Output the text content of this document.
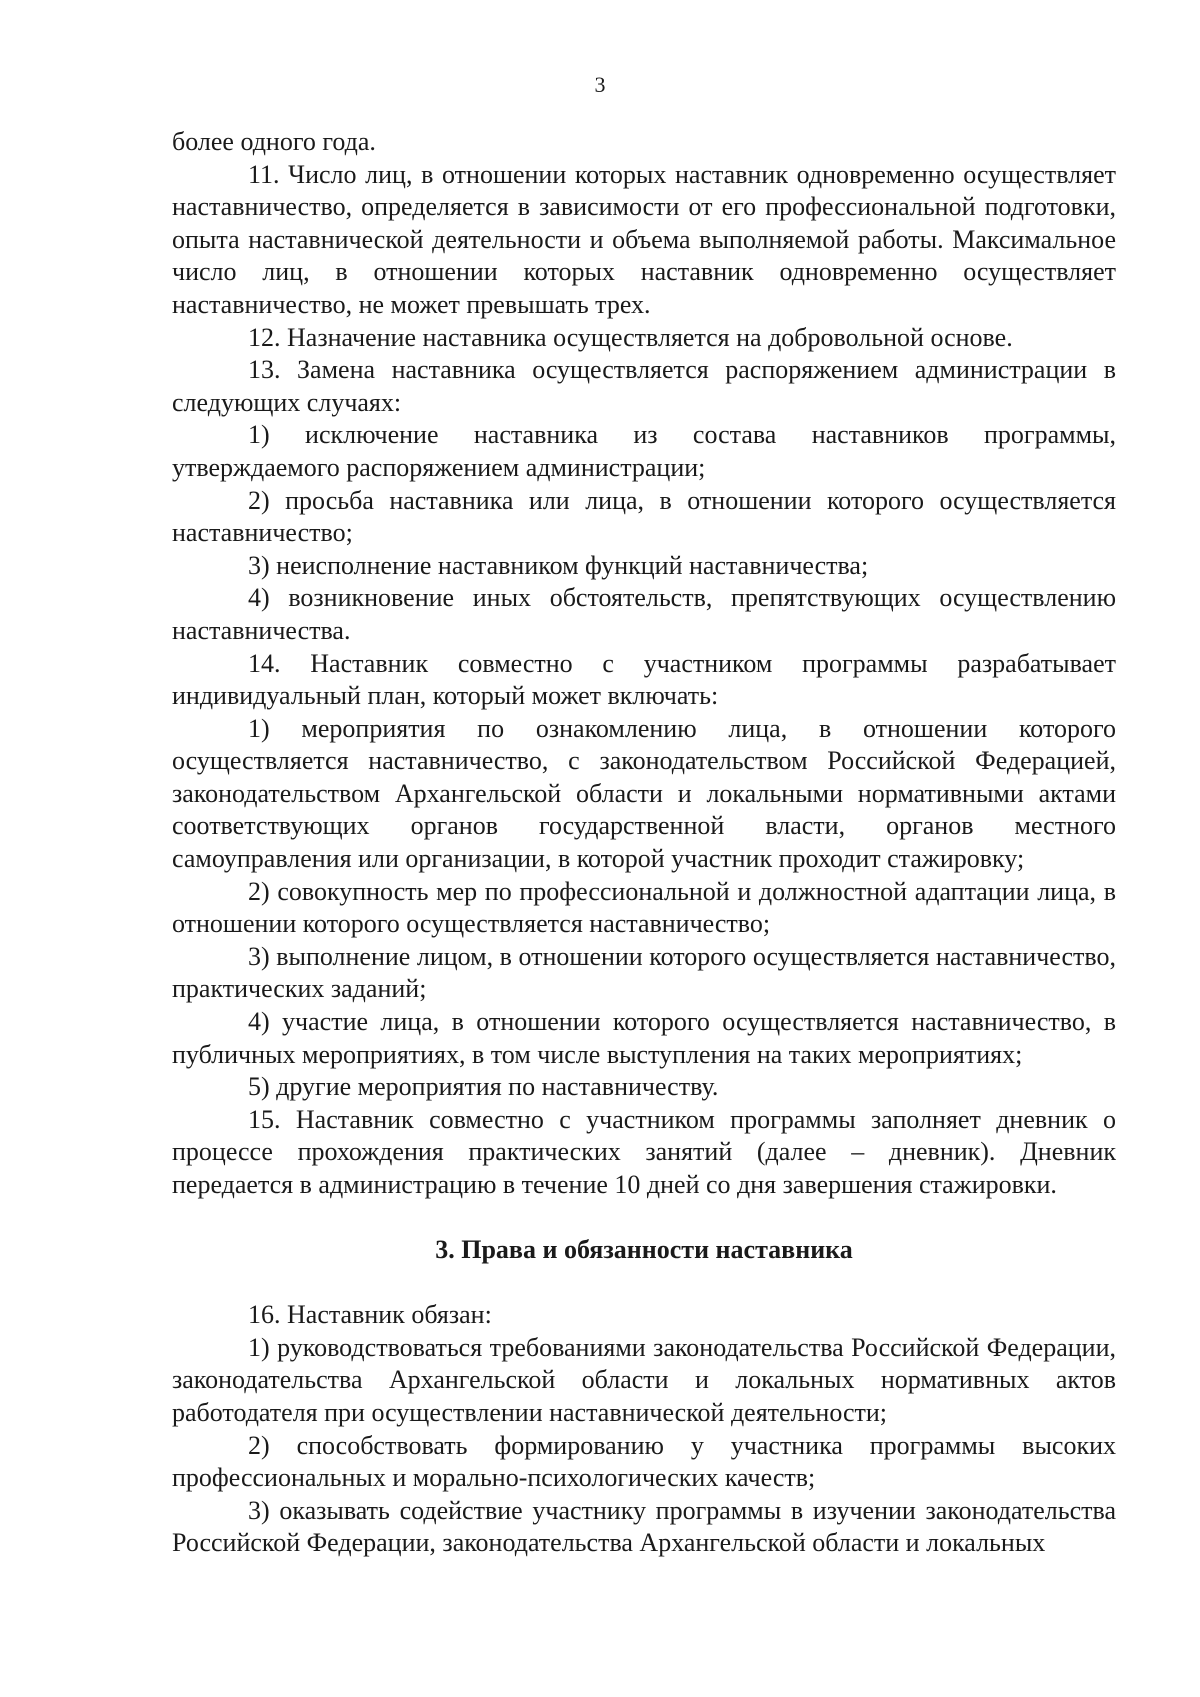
3

более одного года.

11. Число лиц, в отношении которых наставник одновременно осуществляет наставничество, определяется в зависимости от его профессиональной подготовки, опыта наставнической деятельности и объема выполняемой работы. Максимальное число лиц, в отношении которых наставник одновременно осуществляет наставничество, не может превышать трех.

12. Назначение наставника осуществляется на добровольной основе.

13. Замена наставника осуществляется распоряжением администрации в следующих случаях:

1) исключение наставника из состава наставников программы, утверждаемого распоряжением администрации;

2) просьба наставника или лица, в отношении которого осуществляется наставничество;

3) неисполнение наставником функций наставничества;

4) возникновение иных обстоятельств, препятствующих осуществлению наставничества.

14. Наставник совместно с участником программы разрабатывает индивидуальный план, который может включать:

1) мероприятия по ознакомлению лица, в отношении которого осуществляется наставничество, с законодательством Российской Федерацией, законодательством Архангельской области и локальными нормативными актами соответствующих органов государственной власти, органов местного самоуправления или организации, в которой участник проходит стажировку;

2) совокупность мер по профессиональной и должностной адаптации лица, в отношении которого осуществляется наставничество;

3) выполнение лицом, в отношении которого осуществляется наставничество, практических заданий;

4) участие лица, в отношении которого осуществляется наставничество, в публичных мероприятиях, в том числе выступления на таких мероприятиях;

5) другие мероприятия по наставничеству.

15. Наставник совместно с участником программы заполняет дневник о процессе прохождения практических занятий (далее – дневник). Дневник передается в администрацию в течение 10 дней со дня завершения стажировки.

3. Права и обязанности наставника

16. Наставник обязан:

1) руководствоваться требованиями законодательства Российской Федерации, законодательства Архангельской области и локальных нормативных актов работодателя при осуществлении наставнической деятельности;

2) способствовать формированию у участника программы высоких профессиональных и морально-психологических качеств;

3) оказывать содействие участнику программы в изучении законодательства Российской Федерации, законодательства Архангельской области и локальных
